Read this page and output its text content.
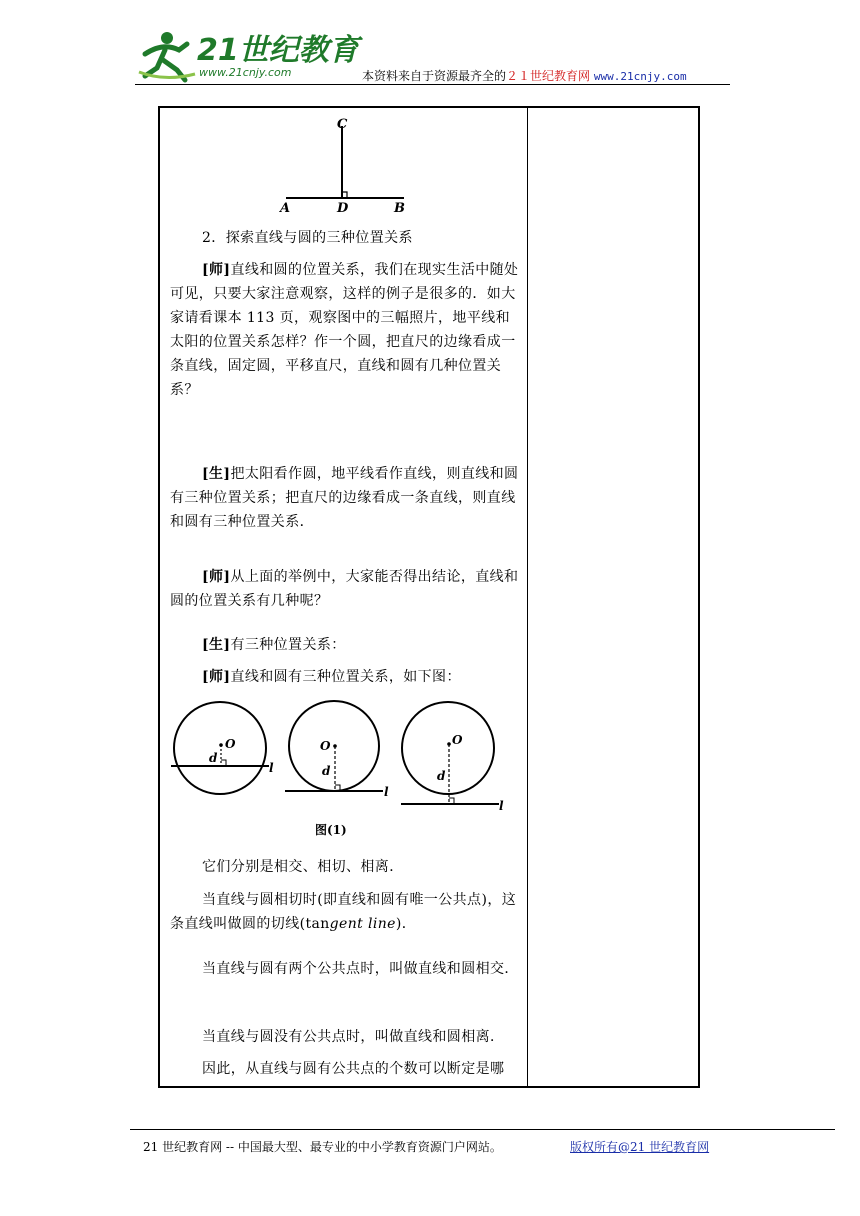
21世纪教育
www.21cnjy.com	本资料来自于资源最齐全的２１世纪教育网 www.21cnjy.com
C
A	D	B
2．探索直线与圆的三种位置关系
[师]直线和圆的位置关系，我们在现实生活中随处可见，只要大家注意观察，这样的例子是很多的．如大家请看课本 113 页，观察图中的三幅照片，地平线和太阳的位置关系怎样？作一个圆，把直尺的边缘看成一条直线，固定圆，平移直尺，直线和圆有几种位置关系？
[生]把太阳看作圆，地平线看作直线，则直线和圆有三种位置关系；把直尺的边缘看成一条直线，则直线和圆有三种位置关系．
[师]从上面的举例中，大家能否得出结论，直线和圆的位置关系有几种呢？
[生]有三种位置关系：
[师]直线和圆有三种位置关系，如下图：
O
d
l
O
d
l
O
d
l
图(1)
它们分别是相交、相切、相离．
当直线与圆相切时(即直线和圆有唯一公共点)，这条直线叫做圆的切线(tangent line)．
当直线与圆有两个公共点时，叫做直线和圆相交．
当直线与圆没有公共点时，叫做直线和圆相离．
因此，从直线与圆有公共点的个数可以断定是哪
21 世纪教育网 -- 中国最大型、最专业的中小学教育资源门户网站。	版权所有@21 世纪教育网
